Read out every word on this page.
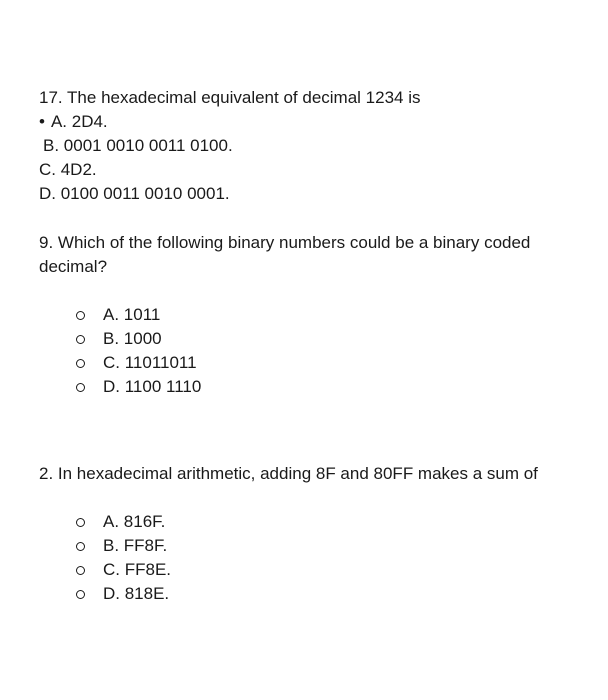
17. The hexadecimal equivalent of decimal 1234 is

• A. 2D4.

B. 0001 0010 0011 0100.

C. 4D2.

D. 0100 0011 0010 0001.

9. Which of the following binary numbers could be a binary coded decimal?

A. 1011
B. 1000
C. 11011011
D. 1100 1110

2. In hexadecimal arithmetic, adding 8F and 80FF makes a sum of

A. 816F.
B. FF8F.
C. FF8E.
D. 818E.
